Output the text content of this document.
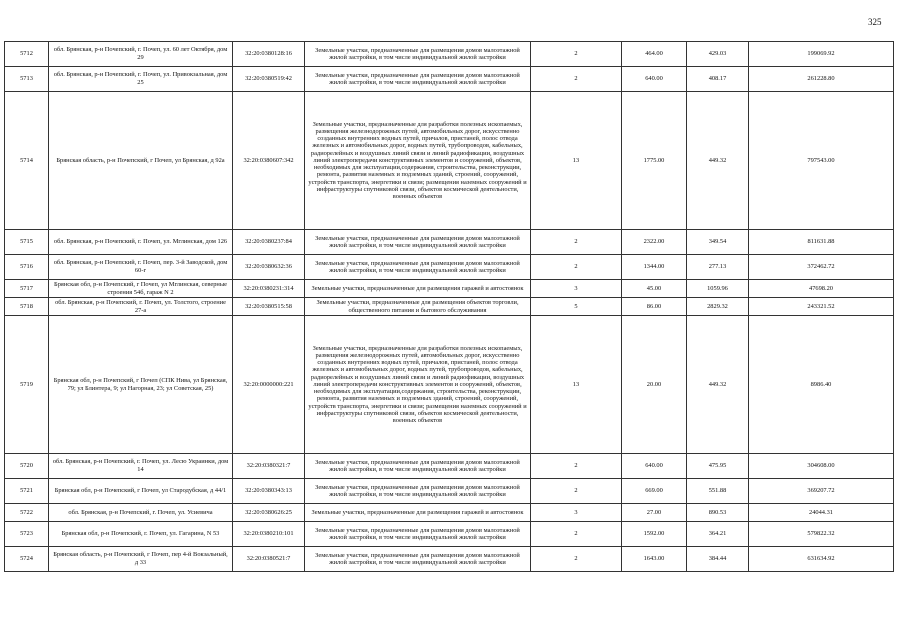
325
5712	обл. Брянская, р-н Почепский, г. Почеп, ул. 60 лет Октября, дом 29	32:20:0380128:16	Земельные участки, предназначенные для размещения домов малоэтажной жилой застройки, в том числе индивидуальной жилой застройки	2	464.00	429.03	199069.92
5713	обл. Брянская, р-н Почепский, г. Почеп, ул. Привокзальная, дом 25	32:20:0380519:42	Земельные участки, предназначенные для размещения домов малоэтажной жилой застройки, в том числе индивидуальной жилой застройки	2	640.00	408.17	261228.80
5714	Брянская область, р-н Почепский, г Почеп, ул Брянская, д 92а	32:20:0380607:342	Земельные участки, предназначенные для разработки полезных ископаемых, размещения железнодорожных путей, автомобильных дорог, искусственно созданных внутренних водных путей, причалов, пристаней, полос отвода железных и автомобильных дорог, водных путей, трубопроводов, кабельных, радиорелейных и воздушных линий связи и линий радиофикации, воздушных линий электропередачи конструктивных элементов и сооружений, объектов, необходимых для эксплуатации,содержания, строительства, реконструкции, ремонта, развития наземных и подземных зданий, строений, сооружений, устройств транспорта, энергетики и связи; размещения наземных сооружений и инфраструктуры спутниковой связи, объектов космической деятельности, военных объектов	13	1775.00	449.32	797543.00
5715	обл. Брянская, р-н Почепский, г. Почеп, ул. Мглинская, дом 126	32:20:0380237:84	Земельные участки, предназначенные для размещения домов малоэтажной жилой застройки, в том числе индивидуальной жилой застройки	2	2322.00	349.54	811631.88
5716	обл. Брянская, р-н Почепский, г. Почеп, пер. 3-й Заводской, дом 60-г	32:20:0380632:36	Земельные участки, предназначенные для размещения домов малоэтажной жилой застройки, в том числе индивидуальной жилой застройки	2	1344.00	277.13	372462.72
5717	Брянская обл, р-н Почепский, г Почеп, ул Мглинская, северные строения 54б, гараж N 2	32:20:0380231:314	Земельные участки, предназначенные для размещения гаражей и автостоянок	3	45.00	1059.96	47698.20
5718	обл. Брянская, р-н Почепский, г. Почеп, ул. Толстого, строение 27-а	32:20:0380515:58	Земельные участки, предназначенные для размещения объектов торговли, общественного питания и бытового обслуживания	5	86.00	2829.32	243321.52
5719	Брянская обл, р-н Почепский, г Почеп (СПК Нива, ул Брянская, 79; ул Блинтера, 9; ул Нагорная, 23; ул Советская, 25)	32:20:0000000:221	Земельные участки, предназначенные для разработки полезных ископаемых, размещения железнодорожных путей, автомобильных дорог, искусственно созданных внутренних водных путей, причалов, пристаней, полос отвода железных и автомобильных дорог, водных путей, трубопроводов, кабельных, радиорелейных и воздушных линий связи и линий радиофикации, воздушных линий электропередачи конструктивных элементов и сооружений, объектов, необходимых для эксплуатации,содержания, строительства, реконструкции, ремонта, развития наземных и подземных зданий, строений, сооружений, устройств транспорта, энергетики и связи; размещения наземных сооружений и инфраструктуры спутниковой связи, объектов космической деятельности, военных объектов	13	20.00	449.32	8986.40
5720	обл. Брянская, р-н Почепский, г. Почеп, ул. Лесю Украинки, дом 14	32:20:0380321:7	Земельные участки, предназначенные для размещения домов малоэтажной жилой застройки, в том числе индивидуальной жилой застройки	2	640.00	475.95	304608.00
5721	Брянская обл, р-н Почепский, г Почеп, ул Стародубская, д 44/1	32:20:0380343:13	Земельные участки, предназначенные для размещения домов малоэтажной жилой застройки, в том числе индивидуальной жилой застройки	2	669.00	551.88	369207.72
5722	обл. Брянская, р-н Почепский, г. Почеп, ул. Усиевича	32:20:0380626:25	Земельные участки, предназначенные для размещения гаражей и автостоянок	3	27.00	890.53	24044.31
5723	Брянская обл, р-н Почепский, г. Почеп, ул. Гагарина, N 53	32:20:0380210:101	Земельные участки, предназначенные для размещения домов малоэтажной жилой застройки, в том числе индивидуальной жилой застройки	2	1592.00	364.21	579822.32
5724	Брянская область, р-н Почепский, г Почеп, пер 4-й Вокзальный, д 33	32:20:0380521:7	Земельные участки, предназначенные для размещения домов малоэтажной жилой застройки, в том числе индивидуальной жилой застройки	2	1643.00	384.44	631634.92
